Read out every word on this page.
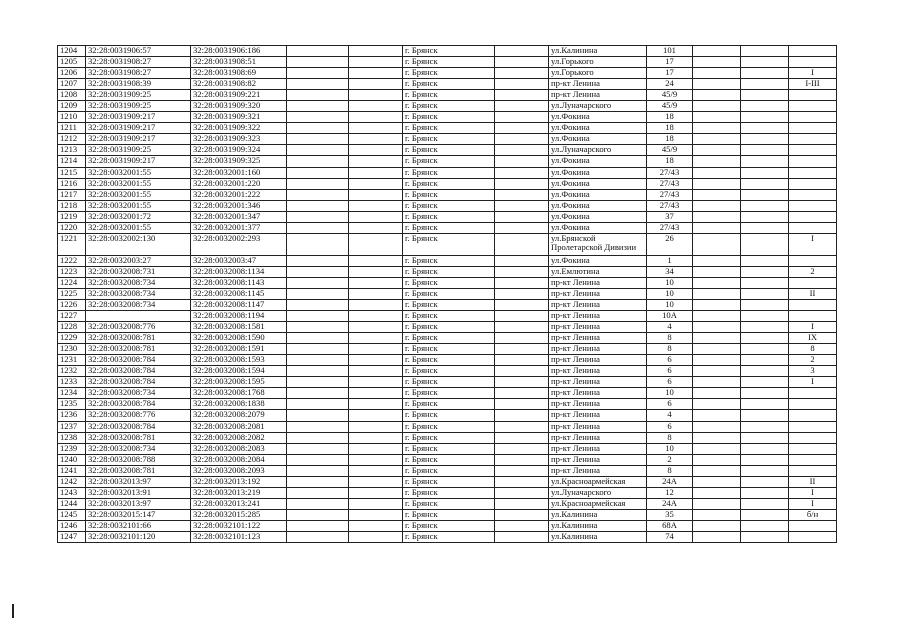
1204	32:28:0031906:57	32:28:0031906:186			г. Брянск		ул.Калинина	101			
1205	32:28:0031908:27	32:28:0031908:51			г. Брянск		ул.Горького	17			
1206	32:28:0031908:27	32:28:0031908:69			г. Брянск		ул.Горького	17			I
1207	32:28:0031908:39	32:28:0031908:82			г. Брянск		пр-кт Ленина	24			I-III
1208	32:28:0031909:25	32:28:0031909:221			г. Брянск		пр-кт Ленина	45/9			
1209	32:28:0031909:25	32:28:0031909:320			г. Брянск		ул.Луначарского	45/9			
1210	32:28:0031909:217	32:28:0031909:321			г. Брянск		ул.Фокина	18			
1211	32:28:0031909:217	32:28:0031909:322			г. Брянск		ул.Фокина	18			
1212	32:28:0031909:217	32:28:0031909:323			г. Брянск		ул.Фокина	18			
1213	32:28:0031909:25	32:28:0031909:324			г. Брянск		ул.Луначарского	45/9			
1214	32:28:0031909:217	32:28:0031909:325			г. Брянск		ул.Фокина	18			
1215	32:28:0032001:55	32:28:0032001:160			г. Брянск		ул.Фокина	27/43			
1216	32:28:0032001:55	32:28:0032001:220			г. Брянск		ул.Фокина	27/43			
1217	32:28:0032001:55	32:28:0032001:222			г. Брянск		ул.Фокина	27/43			
1218	32:28:0032001:55	32:28:0032001:346			г. Брянск		ул.Фокина	27/43			
1219	32:28:0032001:72	32:28:0032001:347			г. Брянск		ул.Фокина	37			
1220	32:28:0032001:55	32:28:0032001:377			г. Брянск		ул.Фокина	27/43			
1221	32:28:0032002:130	32:28:0032002:293			г. Брянск		ул.Брянской Пролетарской Дивизии	26			I
1222	32:28:0032003:27	32:28:0032003:47			г. Брянск		ул.Фокина	1			
1223	32:28:0032008:731	32:28:0032008:1134			г. Брянск		ул.Емлютина	34			2
1224	32:28:0032008:734	32:28:0032008:1143			г. Брянск		пр-кт Ленина	10			
1225	32:28:0032008:734	32:28:0032008:1145			г. Брянск		пр-кт Ленина	10			II
1226	32:28:0032008:734	32:28:0032008:1147			г. Брянск		пр-кт Ленина	10			
1227		32:28:0032008:1194			г. Брянск		пр-кт Ленина	10А			
1228	32:28:0032008:776	32:28:0032008:1581			г. Брянск		пр-кт Ленина	4			I
1229	32:28:0032008:781	32:28:0032008:1590			г. Брянск		пр-кт Ленина	8			IX
1230	32:28:0032008:781	32:28:0032008:1591			г. Брянск		пр-кт Ленина	8			8
1231	32:28:0032008:784	32:28:0032008:1593			г. Брянск		пр-кт Ленина	6			2
1232	32:28:0032008:784	32:28:0032008:1594			г. Брянск		пр-кт Ленина	6			3
1233	32:28:0032008:784	32:28:0032008:1595			г. Брянск		пр-кт Ленина	6			I
1234	32:28:0032008:734	32:28:0032008:1768			г. Брянск		пр-кт Ленина	10			
1235	32:28:0032008:784	32:28:0032008:1838			г. Брянск		пр-кт Ленина	6			
1236	32:28:0032008:776	32:28:0032008:2079			г. Брянск		пр-кт Ленина	4			
1237	32:28:0032008:784	32:28:0032008:2081			г. Брянск		пр-кт Ленина	6			
1238	32:28:0032008:781	32:28:0032008:2082			г. Брянск		пр-кт Ленина	8			
1239	32:28:0032008:734	32:28:0032008:2083			г. Брянск		пр-кт Ленина	10			
1240	32:28:0032008:788	32:28:0032008:2084			г. Брянск		пр-кт Ленина	2			
1241	32:28:0032008:781	32:28:0032008:2093			г. Брянск		пр-кт Ленина	8			
1242	32:28:0032013:97	32:28:0032013:192			г. Брянск		ул.Красноармейская	24А			II
1243	32:28:0032013:91	32:28:0032013:219			г. Брянск		ул.Луначарского	12			I
1244	32:28:0032013:97	32:28:0032013:241			г. Брянск		ул.Красноармейская	24А			I
1245	32:28:0032015:147	32:28:0032015:285			г. Брянск		ул.Калинина	35			б/н
1246	32:28:0032101:66	32:28:0032101:122			г. Брянск		ул.Калинина	68А			
1247	32:28:0032101:120	32:28:0032101:123			г. Брянск		ул.Калинина	74			
